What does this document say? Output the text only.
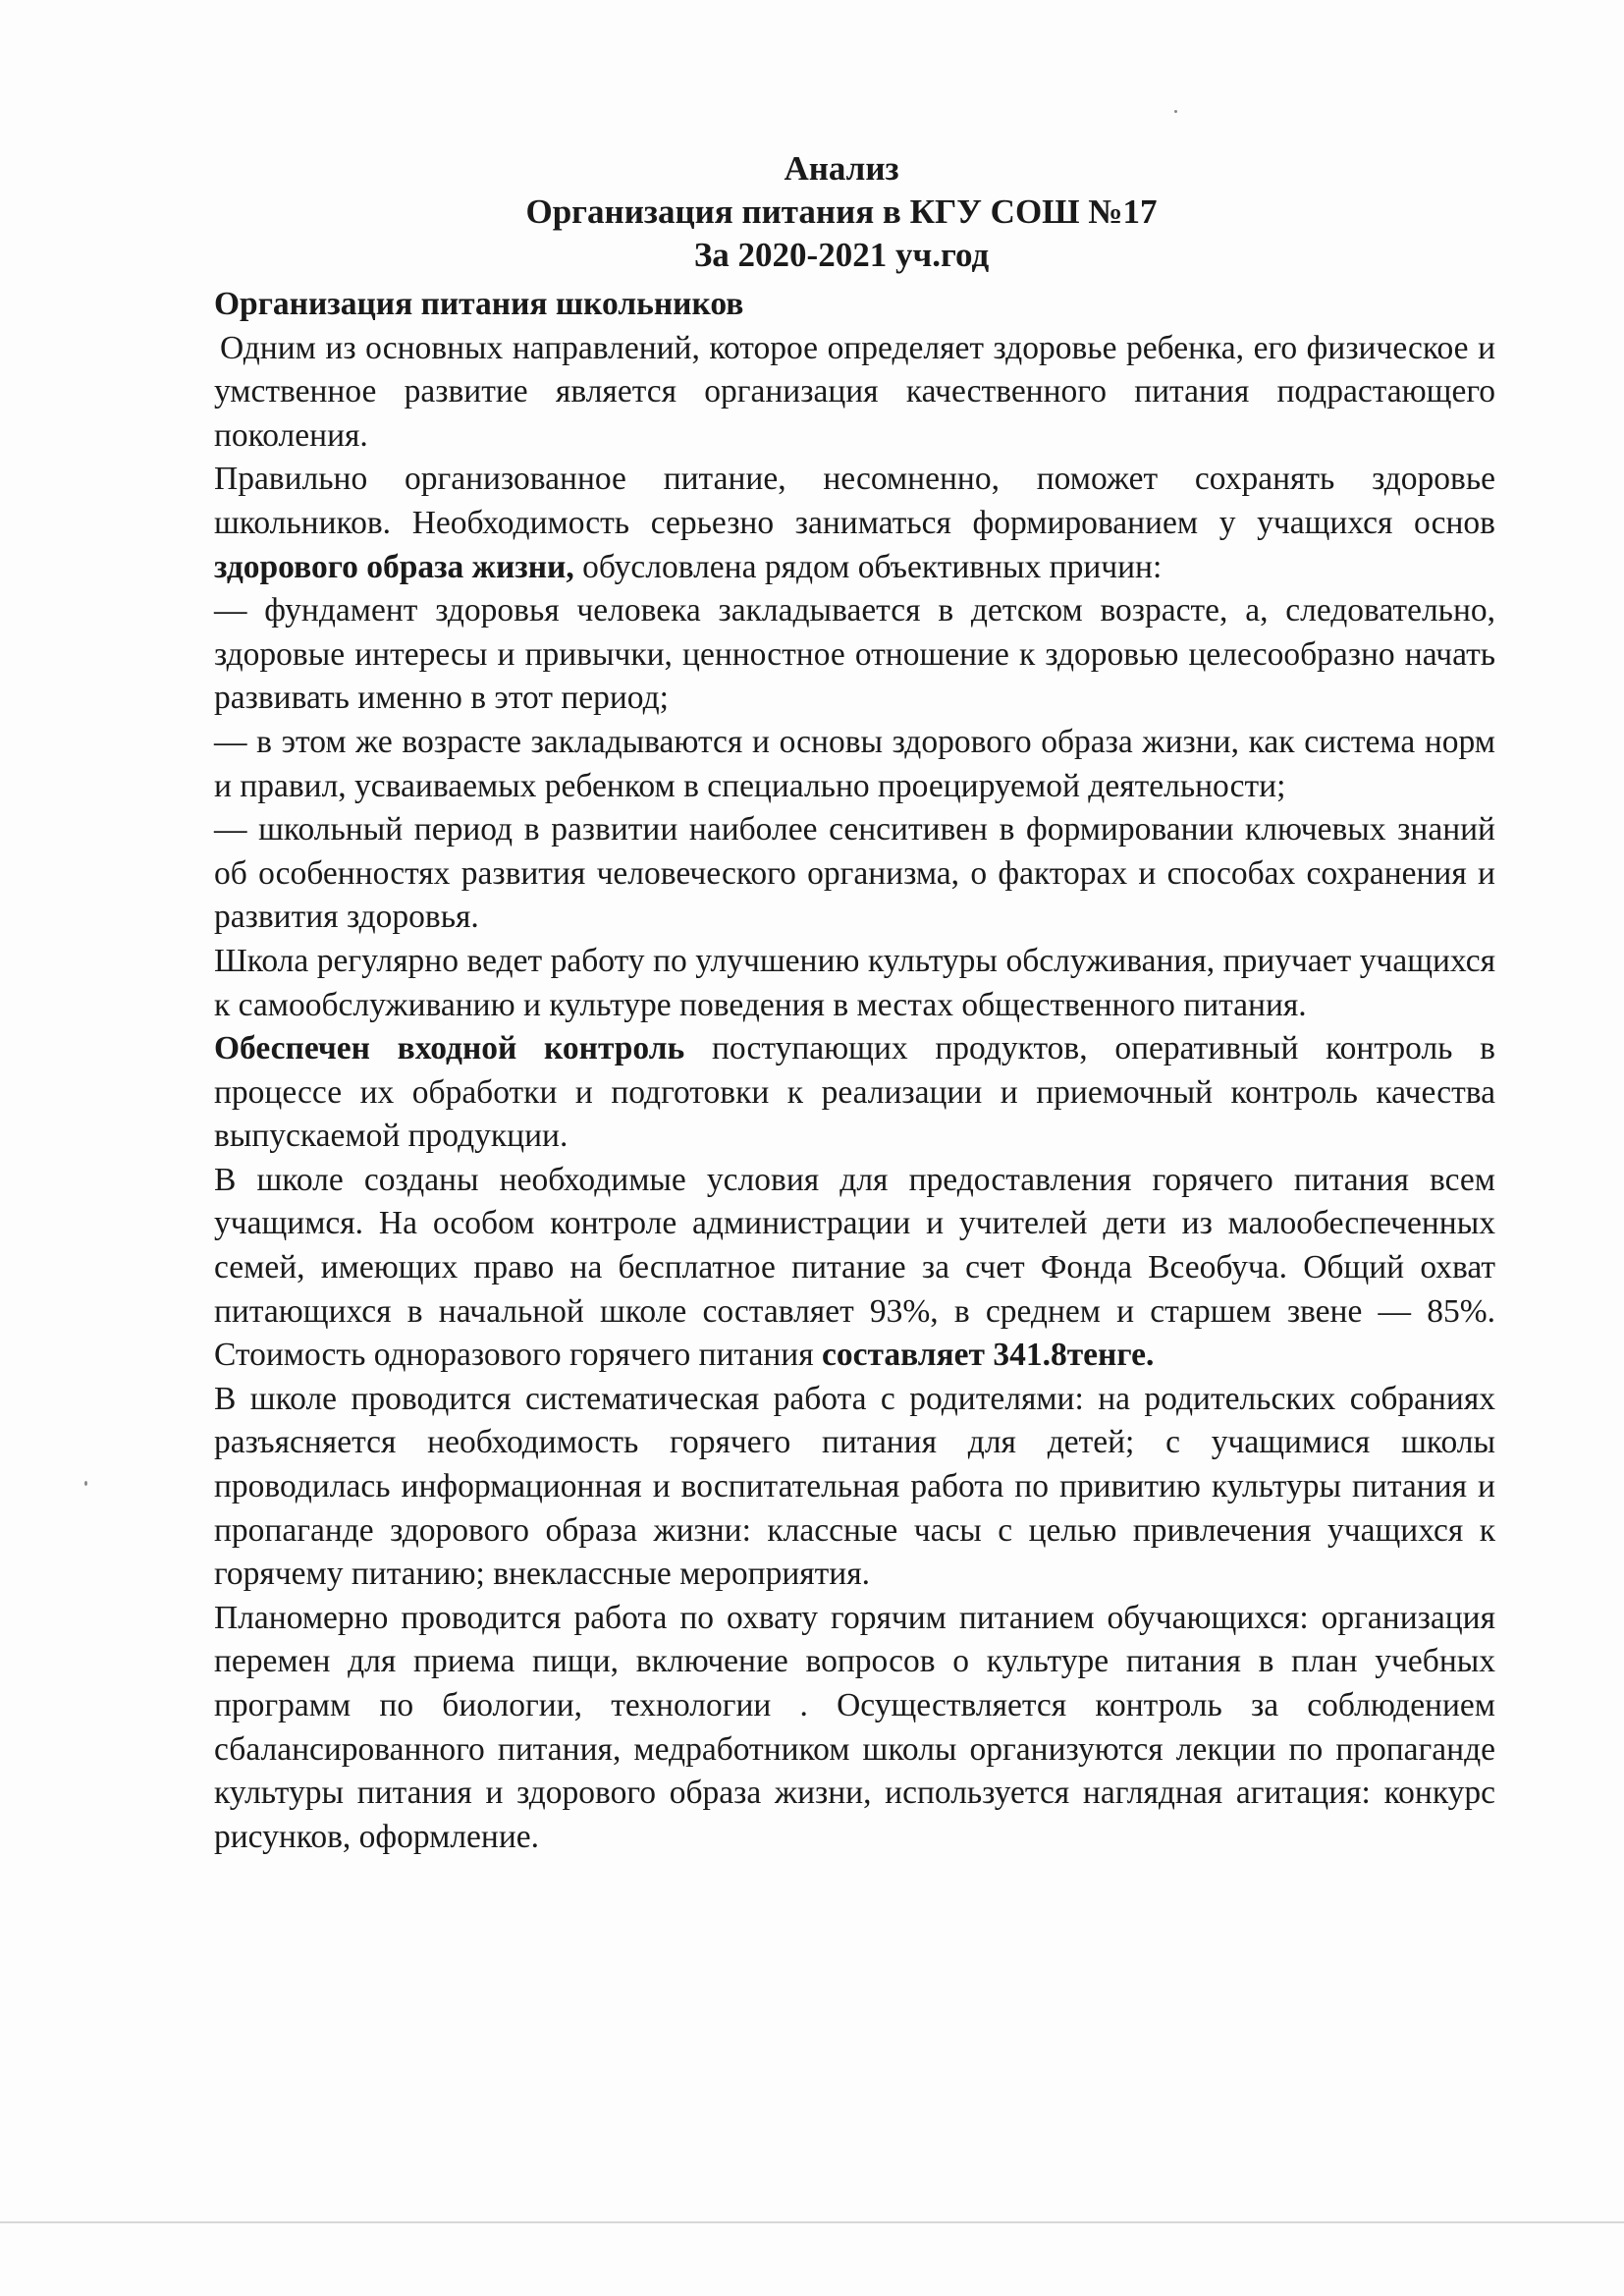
Анализ
Организация питания в КГУ СОШ №17
За 2020-2021 уч.год

Организация питания школьников

Одним из основных направлений, которое определяет здоровье ребенка, его физическое и умственное развитие является организация качественного питания подрастающего поколения.

Правильно организованное питание, несомненно, поможет сохранять здоровье школьников. Необходимость серьезно заниматься формированием у учащихся основ здорового образа жизни, обусловлена рядом объективных причин:

— фундамент здоровья человека закладывается в детском возрасте, а, следовательно, здоровые интересы и привычки, ценностное отношение к здоровью целесообразно начать развивать именно в этот период;

— в этом же возрасте закладываются и основы здорового образа жизни, как система норм и правил, усваиваемых ребенком в специально проецируемой деятельности;

— школьный период в развитии наиболее сенситивен в формировании ключевых знаний об особенностях развития человеческого организма, о факторах и способах сохранения и развития здоровья.

Школа регулярно ведет работу по улучшению культуры обслуживания, приучает учащихся к самообслуживанию и культуре поведения в местах общественного питания.

Обеспечен входной контроль поступающих продуктов, оперативный контроль в процессе их обработки и подготовки к реализации и приемочный контроль качества выпускаемой продукции.

В школе созданы необходимые условия для предоставления горячего питания всем учащимся. На особом контроле администрации и учителей дети из малообеспеченных семей, имеющих право на бесплатное питание за счет Фонда Всеобуча. Общий охват питающихся в начальной школе составляет 93%, в среднем и старшем звене — 85%. Стоимость одноразового горячего питания составляет 341.8тенге.

В школе проводится систематическая работа с родителями: на родительских собраниях разъясняется необходимость горячего питания для детей; с учащимися школы проводилась информационная и воспитательная работа по привитию культуры питания и пропаганде здорового образа жизни: классные часы с целью привлечения учащихся к горячему питанию; внеклассные мероприятия.

Планомерно проводится работа по охвату горячим питанием обучающихся: организация перемен для приема пищи, включение вопросов о культуре питания в план учебных программ по биологии, технологии . Осуществляется контроль за соблюдением сбалансированного питания, медработником школы организуются лекции по пропаганде культуры питания и здорового образа жизни, используется наглядная агитация: конкурс рисунков, оформление.
